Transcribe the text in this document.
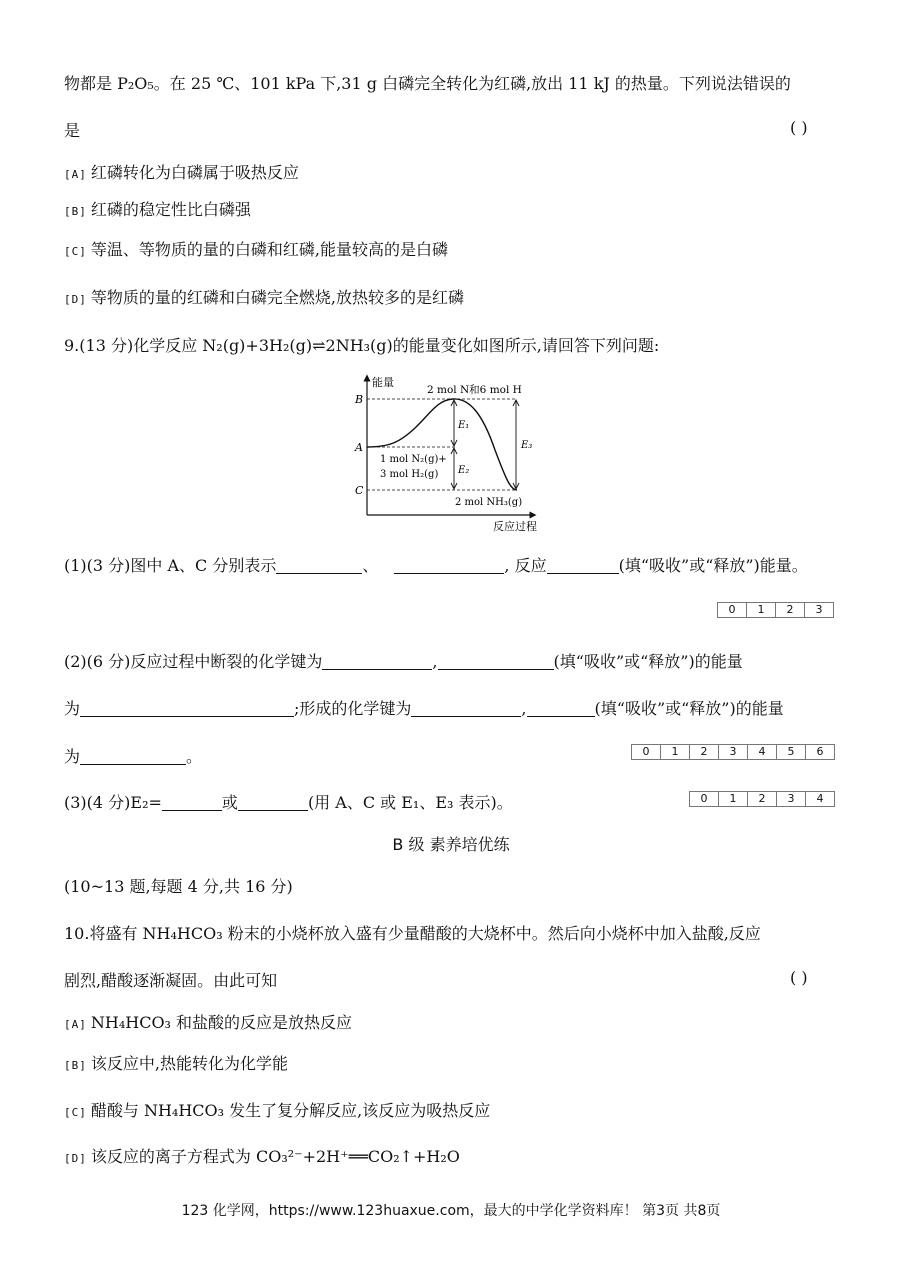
物都是 P₂O₅。在 25 ℃、101 kPa 下,31 g 白磷完全转化为红磷,放出 11 kJ 的热量。下列说法错误的
是	( )
[A] 红磷转化为白磷属于吸热反应
[B] 红磷的稳定性比白磷强
[C] 等温、等物质的量的白磷和红磷,能量较高的是白磷
[D] 等物质的量的红磷和白磷完全燃烧,放热较多的是红磷
9.(13 分)化学反应 N₂(g)+3H₂(g)⇌2NH₃(g)的能量变化如图所示,请回答下列问题:
能量
B
A
C
2 mol N和6 mol H
1 mol N₂(g)+
3 mol H₂(g)
2 mol NH₃(g)
E₁
E₂
E₃
反应过程
(1)(3 分)图中 A、C 分别表示	、	, 反应	(填“吸收”或“释放”)能量。
0	1	2	3
(2)(6 分)反应过程中断裂的化学键为	,	(填“吸收”或“释放”)的能量
为	;形成的化学键为	,	(填“吸收”或“释放”)的能量
为	。	0	1	2	3	4	5	6
(3)(4 分)E₂=	或	(用 A、C 或 E₁、E₃ 表示)。	0	1	2	3	4
B 级 素养培优练
(10~13 题,每题 4 分,共 16 分)
10.将盛有 NH₄HCO₃ 粉末的小烧杯放入盛有少量醋酸的大烧杯中。然后向小烧杯中加入盐酸,反应
剧烈,醋酸逐渐凝固。由此可知	( )
[A] NH₄HCO₃ 和盐酸的反应是放热反应
[B] 该反应中,热能转化为化学能
[C] 醋酸与 NH₄HCO₃ 发生了复分解反应,该反应为吸热反应
[D] 该反应的离子方程式为 CO₃²⁻+2H⁺══CO₂↑+H₂O
123 化学网，https://www.123huaxue.com，最大的中学化学资料库！ 第3页 共8页
